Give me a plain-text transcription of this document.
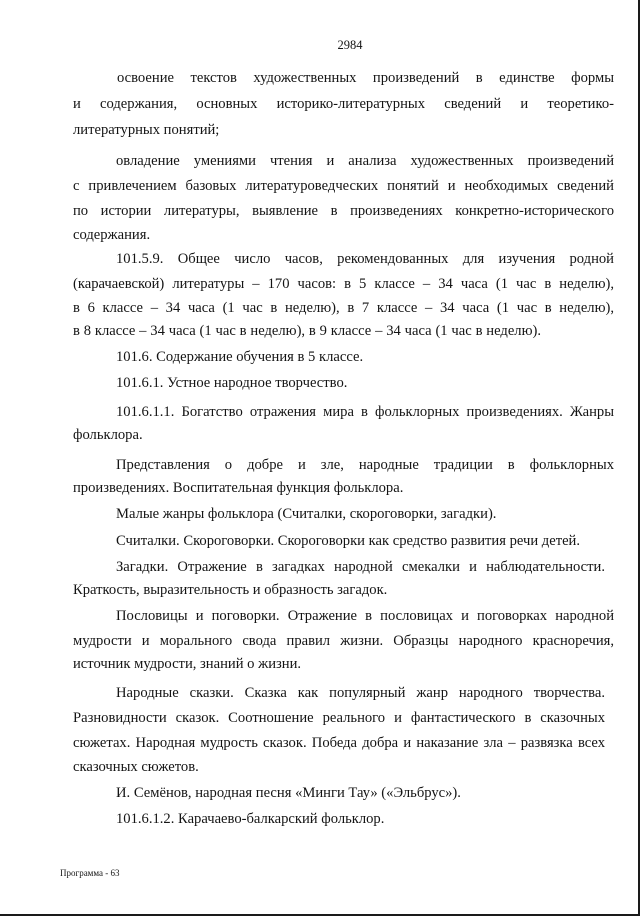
2984
освоение текстов художественных произведений в единстве формы
и содержания, основных историко-литературных сведений и теоретико-
литературных понятий;
овладение умениями чтения и анализа художественных произведений
с привлечением базовых литературоведческих понятий и необходимых сведений
по истории литературы, выявление в произведениях конкретно-исторического
содержания.
101.5.9. Общее число часов, рекомендованных для изучения родной
(карачаевской) литературы – 170 часов: в 5 классе – 34 часа (1 час в неделю),
в 6 классе – 34 часа (1 час в неделю), в 7 классе – 34 часа (1 час в неделю),
в 8 классе – 34 часа (1 час в неделю), в 9 классе – 34 часа (1 час в неделю).
101.6. Содержание обучения в 5 классе.
101.6.1. Устное народное творчество.
101.6.1.1. Богатство отражения мира в фольклорных произведениях. Жанры
фольклора.
Представления о добре и зле, народные традиции в фольклорных
произведениях. Воспитательная функция фольклора.
Малые жанры фольклора (Считалки, скороговорки, загадки).
Считалки. Скороговорки. Скороговорки как средство развития речи детей.
Загадки. Отражение в загадках народной смекалки и наблюдательности.
Краткость, выразительность и образность загадок.
Пословицы и поговорки. Отражение в пословицах и поговорках народной
мудрости и морального свода правил жизни. Образцы народного красноречия,
источник мудрости, знаний о жизни.
Народные сказки. Сказка как популярный жанр народного творчества.
Разновидности сказок. Соотношение реального и фантастического в сказочных
сюжетах. Народная мудрость сказок. Победа добра и наказание зла – развязка всех
сказочных сюжетов.
И. Семёнов, народная песня «Минги Тау» («Эльбрус»).
101.6.1.2. Карачаево-балкарский фольклор.
Программа - 63
